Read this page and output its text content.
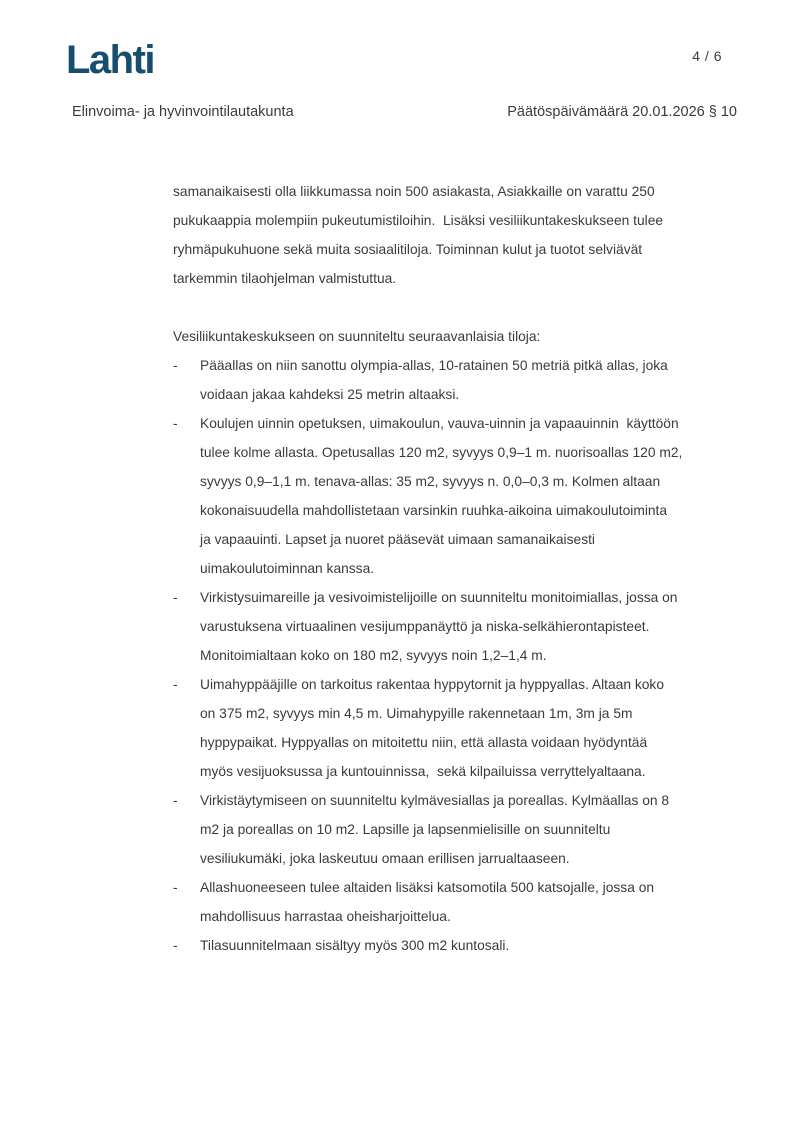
Lahti	4 / 6
Elinvoima- ja hyvinvointilautakunta	Päätöspäivämäärä 20.01.2026 § 10
samanaikaisesti olla liikkumassa noin 500 asiakasta, Asiakkaille on varattu 250
pukukaappia molempiin pukeutumistiloihin.  Lisäksi vesiliikuntakeskukseen tulee
ryhmäpukuhuone sekä muita sosiaalitiloja. Toiminnan kulut ja tuotot selviävät
tarkemmin tilaohjelman valmistuttua.
Vesiliikuntakeskukseen on suunniteltu seuraavanlaisia tiloja:
- Pääallas on niin sanottu olympia-allas, 10-ratainen 50 metriä pitkä allas, joka
voidaan jakaa kahdeksi 25 metrin altaaksi.
- Koulujen uinnin opetuksen, uimakoulun, vauva-uinnin ja vapaauinnin  käyttöön
tulee kolme allasta. Opetusallas 120 m2, syvyys 0,9–1 m. nuorisoallas 120 m2,
syvyys 0,9–1,1 m. tenava-allas: 35 m2, syvyys n. 0,0–0,3 m. Kolmen altaan
kokonaisuudella mahdollistetaan varsinkin ruuhka-aikoina uimakoulutoiminta
ja vapaauinti. Lapset ja nuoret pääsevät uimaan samanaikaisesti
uimakoulutoiminnan kanssa.
- Virkistysuimareille ja vesivoimistelijoille on suunniteltu monitoimiallas, jossa on
varustuksena virtuaalinen vesijumppanäyttö ja niska-selkähierontapisteet.
Monitoimialtaan koko on 180 m2, syvyys noin 1,2–1,4 m.
- Uimahyppääjille on tarkoitus rakentaa hyppytornit ja hyppyallas. Altaan koko
on 375 m2, syvyys min 4,5 m. Uimahypyille rakennetaan 1m, 3m ja 5m
hyppypaikat. Hyppyallas on mitoitettu niin, että allasta voidaan hyödyntää
myös vesijuoksussa ja kuntouinnissa,  sekä kilpailuissa verryttelyaltaana.
- Virkistäytymiseen on suunniteltu kylmävesiallas ja poreallas. Kylmäallas on 8
m2 ja poreallas on 10 m2. Lapsille ja lapsenmielisille on suunniteltu
vesiliukumäki, joka laskeutuu omaan erillisen jarrualtaaseen.
- Allashuoneeseen tulee altaiden lisäksi katsomotila 500 katsojalle, jossa on
mahdollisuus harrastaa oheisharjoittelua.
- Tilasuunnitelmaan sisältyy myös 300 m2 kuntosali.
